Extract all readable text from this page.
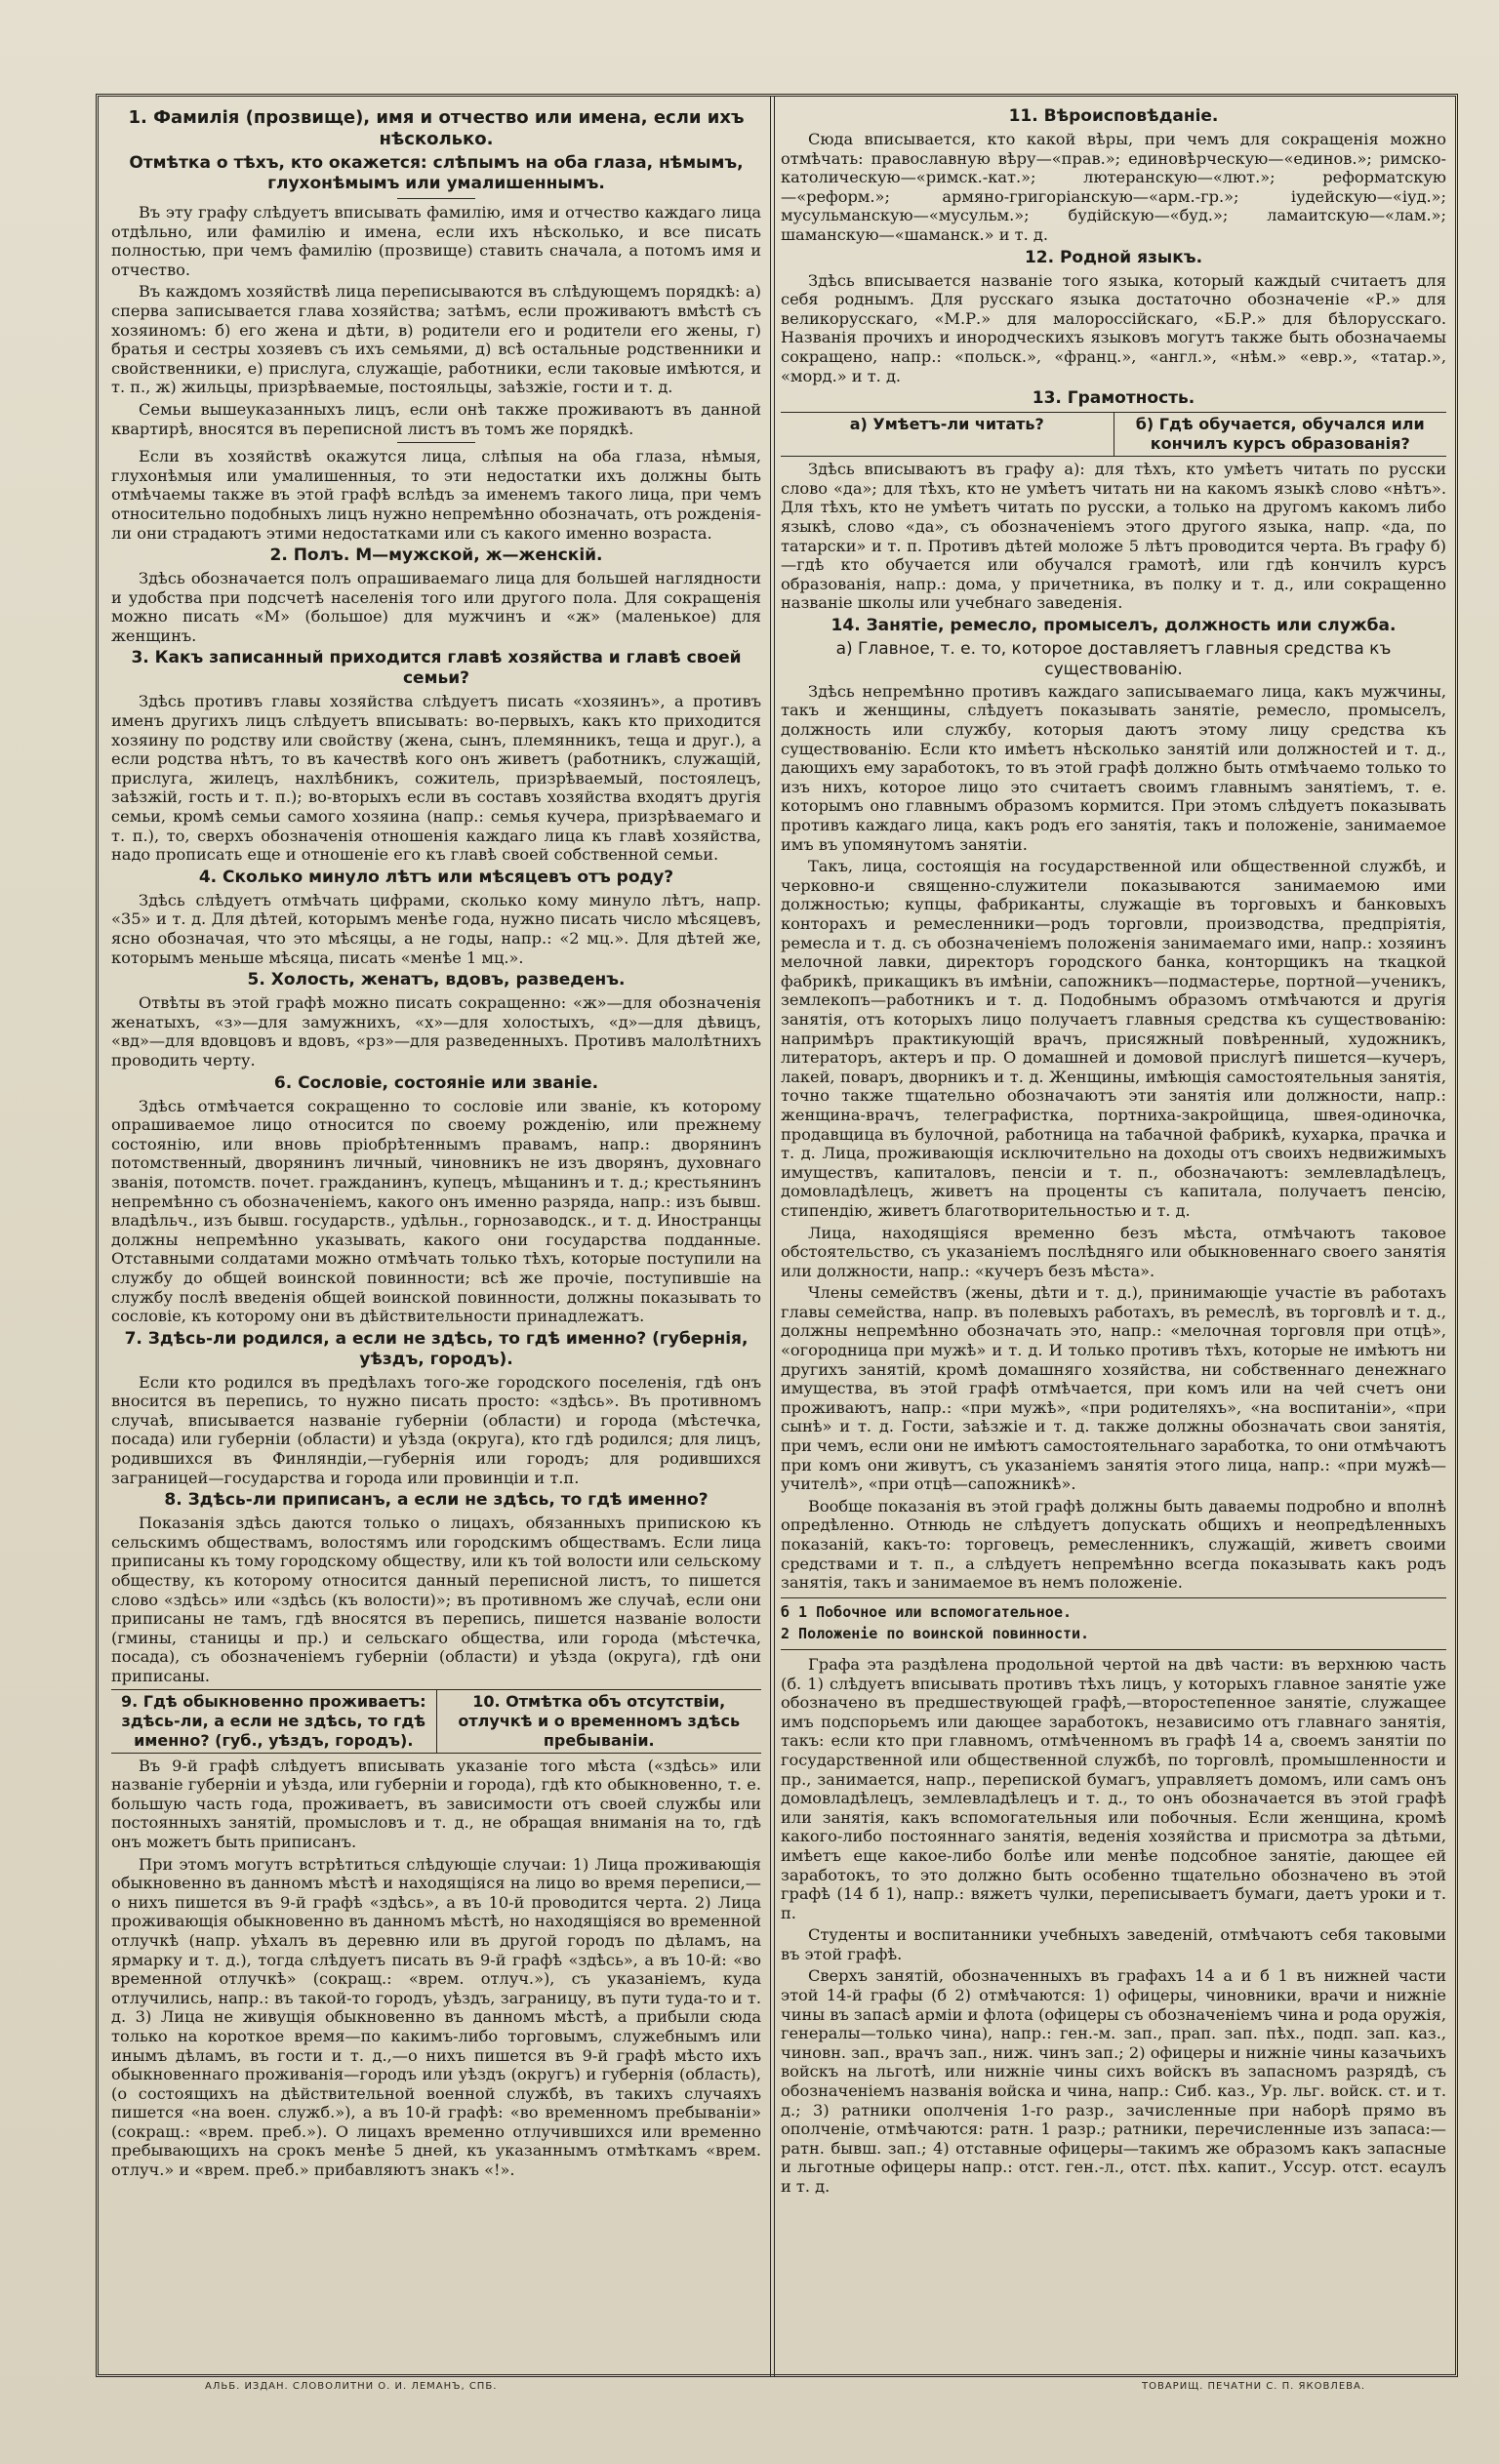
1. Фамилія (прозвище), имя и отчество или имена, если ихъ нѣсколько.
Отмѣтка о тѣхъ, кто окажется: слѣпымъ на оба глаза, нѣмымъ, глухонѣмымъ или умалишеннымъ.

Въ эту графу слѣдуетъ вписывать фамилію, имя и отчество каждаго лица отдѣльно, или фамилію и имена, если ихъ нѣсколько, и все писать полностью, при чемъ фамилію (прозвище) ставить сначала, а потомъ имя и отчество.

Въ каждомъ хозяйствѣ лица переписываются въ слѣдующемъ порядкѣ: а) сперва записывается глава хозяйства; затѣмъ, если проживаютъ вмѣстѣ съ хозяиномъ: б) его жена и дѣти, в) родители его и родители его жены, г) братья и сестры хозяевъ съ ихъ семьями, д) всѣ остальные родственники и свойственники, е) прислуга, служащіе, работники, если таковые имѣются, и т. п., ж) жильцы, призрѣваемые, постояльцы, заѣзжіе, гости и т. д.

Семьи вышеуказанныхъ лицъ, если онѣ также проживаютъ въ данной квартирѣ, вносятся въ переписной листъ въ томъ же порядкѣ.

Если въ хозяйствѣ окажутся лица, слѣпыя на оба глаза, нѣмыя, глухонѣмыя или умалишенныя, то эти недостатки ихъ должны быть отмѣчаемы также въ этой графѣ вслѣдъ за именемъ такого лица, при чемъ относительно подобныхъ лицъ нужно непремѣнно обозначать, отъ рожденія-ли они страдаютъ этими недостатками или съ какого именно возраста.

2. Полъ. М—мужской, ж—женскій.

Здѣсь обозначается полъ опрашиваемаго лица для большей наглядности и удобства при подсчетѣ населенія того или другого пола. Для сокращенія можно писать «М» (большое) для мужчинъ и «ж» (маленькое) для женщинъ.

3. Какъ записанный приходится главѣ хозяйства и главѣ своей семьи?

Здѣсь противъ главы хозяйства слѣдуетъ писать «хозяинъ», а противъ именъ другихъ лицъ слѣдуетъ вписывать: во-первыхъ, какъ кто приходится хозяину по родству или свойству (жена, сынъ, племянникъ, теща и друг.), а если родства нѣтъ, то въ качествѣ кого онъ живетъ (работникъ, служащій, прислуга, жилецъ, нахлѣбникъ, сожитель, призрѣваемый, постоялецъ, заѣзжій, гость и т. п.); во-вторыхъ если въ составъ хозяйства входятъ другія семьи, кромѣ семьи самого хозяина (напр.: семья кучера, призрѣваемаго и т. п.), то, сверхъ обозначенія отношенія каждаго лица къ главѣ хозяйства, надо прописать еще и отношеніе его къ главѣ своей собственной семьи.

4. Сколько минуло лѣтъ или мѣсяцевъ отъ роду?

Здѣсь слѣдуетъ отмѣчать цифрами, сколько кому минуло лѣтъ, напр. «35» и т. д. Для дѣтей, которымъ менѣе года, нужно писать число мѣсяцевъ, ясно обозначая, что это мѣсяцы, а не годы, напр.: «2 мц.». Для дѣтей же, которымъ меньше мѣсяца, писать «менѣе 1 мц.».

5. Холость, женатъ, вдовъ, разведенъ.

Отвѣты въ этой графѣ можно писать сокращенно: «ж»—для обозначенія женатыхъ, «з»—для замужнихъ, «х»—для холостыхъ, «д»—для дѣвицъ, «вд»—для вдовцовъ и вдовъ, «рз»—для разведенныхъ. Противъ малолѣтнихъ проводить черту.

6. Сословіе, состояніе или званіе.

Здѣсь отмѣчается сокращенно то сословіе или званіе, къ которому опрашиваемое лицо относится по своему рожденію, или прежнему состоянію, или вновь пріобрѣтеннымъ правамъ, напр.: дворянинъ потомственный, дворянинъ личный, чиновникъ не изъ дворянъ, духовнаго званія, потомств. почет. гражданинъ, купецъ, мѣщанинъ и т. д.; крестьянинъ непремѣнно съ обозначеніемъ, какого онъ именно разряда, напр.: изъ бывш. владѣльч., изъ бывш. государств., удѣльн., горнозаводск., и т. д. Иностранцы должны непремѣнно указывать, какого они государства подданные. Отставными солдатами можно отмѣчать только тѣхъ, которые поступили на службу до общей воинской повинности; всѣ же прочіе, поступившіе на службу послѣ введенія общей воинской повинности, должны показывать то сословіе, къ которому они въ дѣйствительности принадлежатъ.

7. Здѣсь-ли родился, а если не здѣсь, то гдѣ именно? (губернія, уѣздъ, городъ).

Если кто родился въ предѣлахъ того-же городского поселенія, гдѣ онъ вносится въ перепись, то нужно писать просто: «здѣсь». Въ противномъ случаѣ, вписывается названіе губерніи (области) и города (мѣстечка, посада) или губерніи (области) и уѣзда (округа), кто гдѣ родился; для лицъ, родившихся въ Финляндіи,—губернія или городъ; для родившихся заграницей—государства и города или провинціи и т.п.

8. Здѣсь-ли приписанъ, а если не здѣсь, то гдѣ именно?

Показанія здѣсь даются только о лицахъ, обязанныхъ припискою къ сельскимъ обществамъ, волостямъ или городскимъ обществамъ. Если лица приписаны къ тому городскому обществу, или къ той волости или сельскому обществу, къ которому относится данный переписной листъ, то пишется слово «здѣсь» или «здѣсь (къ волости)»; въ противномъ же случаѣ, если они приписаны не тамъ, гдѣ вносятся въ перепись, пишется названіе волости (гмины, станицы и пр.) и сельскаго общества, или города (мѣстечка, посада), съ обозначеніемъ губерніи (области) и уѣзда (округа), гдѣ они приписаны.

9. Гдѣ обыкновенно проживаетъ: здѣсь-ли, а если не здѣсь, то гдѣ именно? (губ., уѣздъ, городъ).
10. Отмѣтка объ отсутствіи, отлучкѣ и о временномъ здѣсь пребываніи.

Въ 9-й графѣ слѣдуетъ вписывать указаніе того мѣста («здѣсь» или названіе губерніи и уѣзда, или губерніи и города), гдѣ кто обыкновенно, т. е. большую часть года, проживаетъ, въ зависимости отъ своей службы или постоянныхъ занятій, промысловъ и т. д., не обращая вниманія на то, гдѣ онъ можетъ быть приписанъ.

При этомъ могутъ встрѣтиться слѣдующіе случаи: 1) Лица проживающія обыкновенно въ данномъ мѣстѣ и находящіяся на лицо во время переписи,—о нихъ пишется въ 9-й графѣ «здѣсь», а въ 10-й проводится черта. 2) Лица проживающія обыкновенно въ данномъ мѣстѣ, но находящіяся во временной отлучкѣ (напр. уѣхалъ въ деревню или въ другой городъ по дѣламъ, на ярмарку и т. д.), тогда слѣдуетъ писать въ 9-й графѣ «здѣсь», а въ 10-й: «во временной отлучкѣ» (сокращ.: «врем. отлуч.»), съ указаніемъ, куда отлучились, напр.: въ такой-то городъ, уѣздъ, заграницу, въ пути туда-то и т. д. 3) Лица не живущія обыкновенно въ данномъ мѣстѣ, а прибыли сюда только на короткое время—по какимъ-либо торговымъ, служебнымъ или инымъ дѣламъ, въ гости и т. д.,—о нихъ пишется въ 9-й графѣ мѣсто ихъ обыкновеннаго проживанія—городъ или уѣздъ (округъ) и губернія (область), (о состоящихъ на дѣйствительной военной службѣ, въ такихъ случаяхъ пишется «на воен. служб.»), а въ 10-й графѣ: «во временномъ пребываніи» (сокращ.: «врем. преб.»). О лицахъ временно отлучившихся или временно пребывающихъ на срокъ менѣе 5 дней, къ указаннымъ отмѣткамъ «врем. отлуч.» и «врем. преб.» прибавляютъ знакъ «!».

11. Вѣроисповѣданіе.

Сюда вписывается, кто какой вѣры, при чемъ для сокращенія можно отмѣчать: православную вѣру—«прав.»; единовѣрческую—«единов.»; римско-католическую—«римск.-кат.»; лютеранскую—«лют.»; реформатскую—«реформ.»; армяно-григоріанскую—«арм.-гр.»; іудейскую—«іуд.»; мусульманскую—«мусульм.»; будійскую—«буд.»; ламаитскую—«лам.»; шаманскую—«шаманск.» и т. д.

12. Родной языкъ.

Здѣсь вписывается названіе того языка, который каждый считаетъ для себя роднымъ. Для русскаго языка достаточно обозначеніе «Р.» для великорусскаго, «М.Р.» для малороссійскаго, «Б.Р.» для бѣлорусскаго. Названія прочихъ и инородческихъ языковъ могутъ также быть обозначаемы сокращено, напр.: «польск.», «франц.», «англ.», «нѣм.» «евр.», «татар.», «морд.» и т. д.

13. Грамотность.
а) Умѣетъ-ли читать?	б) Гдѣ обучается, обучался или кончилъ курсъ образованія?

Здѣсь вписываютъ въ графу а): для тѣхъ, кто умѣетъ читать по русски слово «да»; для тѣхъ, кто не умѣетъ читать ни на какомъ языкѣ слово «нѣтъ». Для тѣхъ, кто не умѣетъ читать по русски, а только на другомъ какомъ либо языкѣ, слово «да», съ обозначеніемъ этого другого языка, напр. «да, по татарски» и т. п. Противъ дѣтей моложе 5 лѣтъ проводится черта. Въ графу б)—гдѣ кто обучается или обучался грамотѣ, или гдѣ кончилъ курсъ образованія, напр.: дома, у причетника, въ полку и т. д., или сокращенно названіе школы или учебнаго заведенія.

14. Занятіе, ремесло, промыселъ, должность или служба.
а) Главное, т. е. то, которое доставляетъ главныя средства къ существованію.

Здѣсь непремѣнно противъ каждаго записываемаго лица, какъ мужчины, такъ и женщины, слѣдуетъ показывать занятіе, ремесло, промыселъ, должность или службу, которыя даютъ этому лицу средства къ существованію. Если кто имѣетъ нѣсколько занятій или должностей и т. д., дающихъ ему заработокъ, то въ этой графѣ должно быть отмѣчаемо только то изъ нихъ, которое лицо это считаетъ своимъ главнымъ занятіемъ, т. е. которымъ оно главнымъ образомъ кормится. При этомъ слѣдуетъ показывать противъ каждаго лица, какъ родъ его занятія, такъ и положеніе, занимаемое имъ въ упомянутомъ занятіи.

Такъ, лица, состоящія на государственной или общественной службѣ, и черковно-и священно-служители показываются занимаемою ими должностью; купцы, фабриканты, служащіе въ торговыхъ и банковыхъ конторахъ и ремесленники—родъ торговли, производства, предпріятія, ремесла и т. д. съ обозначеніемъ положенія занимаемаго ими, напр.: хозяинъ мелочной лавки, директоръ городского банка, конторщикъ на ткацкой фабрикѣ, прикащикъ въ имѣніи, сапожникъ—подмастерье, портной—ученикъ, землекопъ—работникъ и т. д. Подобнымъ образомъ отмѣчаются и другія занятія, отъ которыхъ лицо получаетъ главныя средства къ существованію: напримѣръ практикующій врачъ, присяжный повѣренный, художникъ, литераторъ, актеръ и пр. О домашней и домовой прислугѣ пишется—кучеръ, лакей, поваръ, дворникъ и т. д. Женщины, имѣющія самостоятельныя занятія, точно также тщательно обозначаютъ эти занятія или должности, напр.: женщина-врачъ, телеграфистка, портниха-закройщица, швея-одиночка, продавщица въ булочной, работница на табачной фабрикѣ, кухарка, прачка и т. д. Лица, проживающія исключительно на доходы отъ своихъ недвижимыхъ имуществъ, капиталовъ, пенсіи и т. п., обозначаютъ: землевладѣлецъ, домовладѣлецъ, живетъ на проценты съ капитала, получаетъ пенсію, стипендію, живетъ благотворительностью и т. д.

Лица, находящіяся временно безъ мѣста, отмѣчаютъ таковое обстоятельство, съ указаніемъ послѣдняго или обыкновеннаго своего занятія или должности, напр.: «кучеръ безъ мѣста».

Члены семействъ (жены, дѣти и т. д.), принимающіе участіе въ работахъ главы семейства, напр. въ полевыхъ работахъ, въ ремеслѣ, въ торговлѣ и т. д., должны непремѣнно обозначать это, напр.: «мелочная торговля при отцѣ», «огородница при мужѣ» и т. д. И только противъ тѣхъ, которые не имѣютъ ни другихъ занятій, кромѣ домашняго хозяйства, ни собственнаго денежнаго имущества, въ этой графѣ отмѣчается, при комъ или на чей счетъ они проживаютъ, напр.: «при мужѣ», «при родителяхъ», «на воспитаніи», «при сынѣ» и т. д. Гости, заѣзжіе и т. д. также должны обозначать свои занятія, при чемъ, если они не имѣютъ самостоятельнаго заработка, то они отмѣчаютъ при комъ они живутъ, съ указаніемъ занятія этого лица, напр.: «при мужѣ—учителѣ», «при отцѣ—сапожникѣ».

Вообще показанія въ этой графѣ должны быть даваемы подробно и вполнѣ опредѣленно. Отнюдь не слѣдуетъ допускать общихъ и неопредѣленныхъ показаній, какъ-то: торговецъ, ремесленникъ, служащій, живетъ своими средствами и т. п., а слѣдуетъ непремѣнно всегда показывать какъ родъ занятія, такъ и занимаемое въ немъ положеніе.

б 1 Побочное или вспомогательное.

2 Положеніе по воинской повинности.

Графа эта раздѣлена продольной чертой на двѣ части: въ верхнюю часть (б. 1) слѣдуетъ вписывать противъ тѣхъ лицъ, у которыхъ главное занятіе уже обозначено въ предшествующей графѣ,—второстепенное занятіе, служащее имъ подспорьемъ или дающее заработокъ, независимо отъ главнаго занятія, такъ: если кто при главномъ, отмѣченномъ въ графѣ 14 а, своемъ занятіи по государственной или общественной службѣ, по торговлѣ, промышленности и пр., занимается, напр., перепиской бумагъ, управляетъ домомъ, или самъ онъ домовладѣлецъ, землевладѣлецъ и т. д., то онъ обозначается въ этой графѣ или занятія, какъ вспомогательныя или побочныя. Если женщина, кромѣ какого-либо постояннаго занятія, веденія хозяйства и присмотра за дѣтьми, имѣетъ еще какое-либо болѣе или менѣе подсобное занятіе, дающее ей заработокъ, то это должно быть особенно тщательно обозначено въ этой графѣ (14 б 1), напр.: вяжетъ чулки, переписываетъ бумаги, даетъ уроки и т. п.

Студенты и воспитанники учебныхъ заведеній, отмѣчаютъ себя таковыми въ этой графѣ.

Сверхъ занятій, обозначенныхъ въ графахъ 14 а и б 1 въ нижней части этой 14-й графы (б 2) отмѣчаются: 1) офицеры, чиновники, врачи и нижніе чины въ запасѣ арміи и флота (офицеры съ обозначеніемъ чина и рода оружія, генералы—только чина), напр.: ген.-м. зап., прап. зап. пѣх., подп. зап. каз., чиновн. зап., врачъ зап., ниж. чинъ зап.; 2) офицеры и нижніе чины казачьихъ войскъ на льготѣ, или нижніе чины сихъ войскъ въ запасномъ разрядѣ, съ обозначеніемъ названія войска и чина, напр.: Сиб. каз., Ур. льг. войск. ст. и т. д.; 3) ратники ополченія 1-го разр., зачисленные при наборѣ прямо въ ополченіе, отмѣчаются: ратн. 1 разр.; ратники, перечисленные изъ запаса:—ратн. бывш. зап.; 4) отставные офицеры—такимъ же образомъ какъ запасные и льготные офицеры напр.: отст. ген.-л., отст. пѣх. капит., Уссур. отст. есаулъ и т. д.

АЛЬБ. ИЗДАН. СЛОВОЛИТНИ О. И. ЛЕМАНЪ, СПБ.	ТОВАРИЩ. ПЕЧАТНИ С. П. ЯКОВЛЕВА.
